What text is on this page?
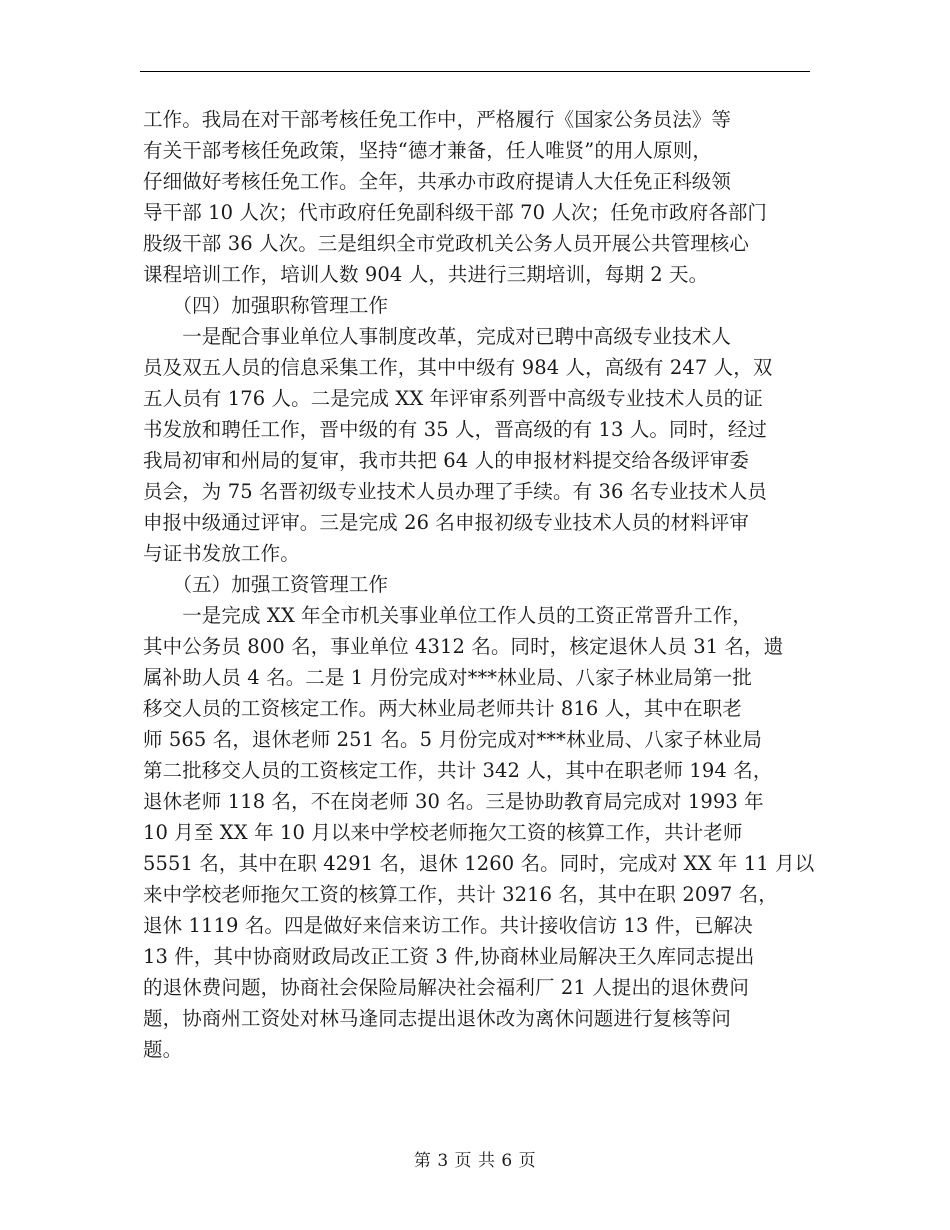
工作。我局在对干部考核任免工作中，严格履行《国家公务员法》等
有关干部考核任免政策，坚持“德才兼备，任人唯贤”的用人原则，
仔细做好考核任免工作。全年，共承办市政府提请人大任免正科级领
导干部 10 人次；代市政府任免副科级干部 70 人次；任免市政府各部门
股级干部 36 人次。三是组织全市党政机关公务人员开展公共管理核心
课程培训工作，培训人数 904 人，共进行三期培训，每期 2 天。
　　（四）加强职称管理工作
　　一是配合事业单位人事制度改革，完成对已聘中高级专业技术人
员及双五人员的信息采集工作，其中中级有 984 人，高级有 247 人，双
五人员有 176 人。二是完成 XX 年评审系列晋中高级专业技术人员的证
书发放和聘任工作，晋中级的有 35 人，晋高级的有 13 人。同时，经过
我局初审和州局的复审，我市共把 64 人的申报材料提交给各级评审委
员会，为 75 名晋初级专业技术人员办理了手续。有 36 名专业技术人员
申报中级通过评审。三是完成 26 名申报初级专业技术人员的材料评审
与证书发放工作。
　　（五）加强工资管理工作
　　一是完成 XX 年全市机关事业单位工作人员的工资正常晋升工作，
其中公务员 800 名，事业单位 4312 名。同时，核定退休人员 31 名，遗
属补助人员 4 名。二是 1 月份完成对***林业局、八家子林业局第一批
移交人员的工资核定工作。两大林业局老师共计 816 人，其中在职老
师 565 名，退休老师 251 名。5 月份完成对***林业局、八家子林业局
第二批移交人员的工资核定工作，共计 342 人，其中在职老师 194 名，
退休老师 118 名，不在岗老师 30 名。三是协助教育局完成对 1993 年
10 月至 XX 年 10 月以来中学校老师拖欠工资的核算工作，共计老师
5551 名，其中在职 4291 名，退休 1260 名。同时，完成对 XX 年 11 月以
来中学校老师拖欠工资的核算工作，共计 3216 名，其中在职 2097 名，
退休 1119 名。四是做好来信来访工作。共计接收信访 13 件，已解决
13 件，其中协商财政局改正工资 3 件,协商林业局解决王久库同志提出
的退休费问题，协商社会保险局解决社会福利厂 21 人提出的退休费问
题，协商州工资处对林马逢同志提出退休改为离休问题进行复核等问
题。
第 3 页 共 6 页
